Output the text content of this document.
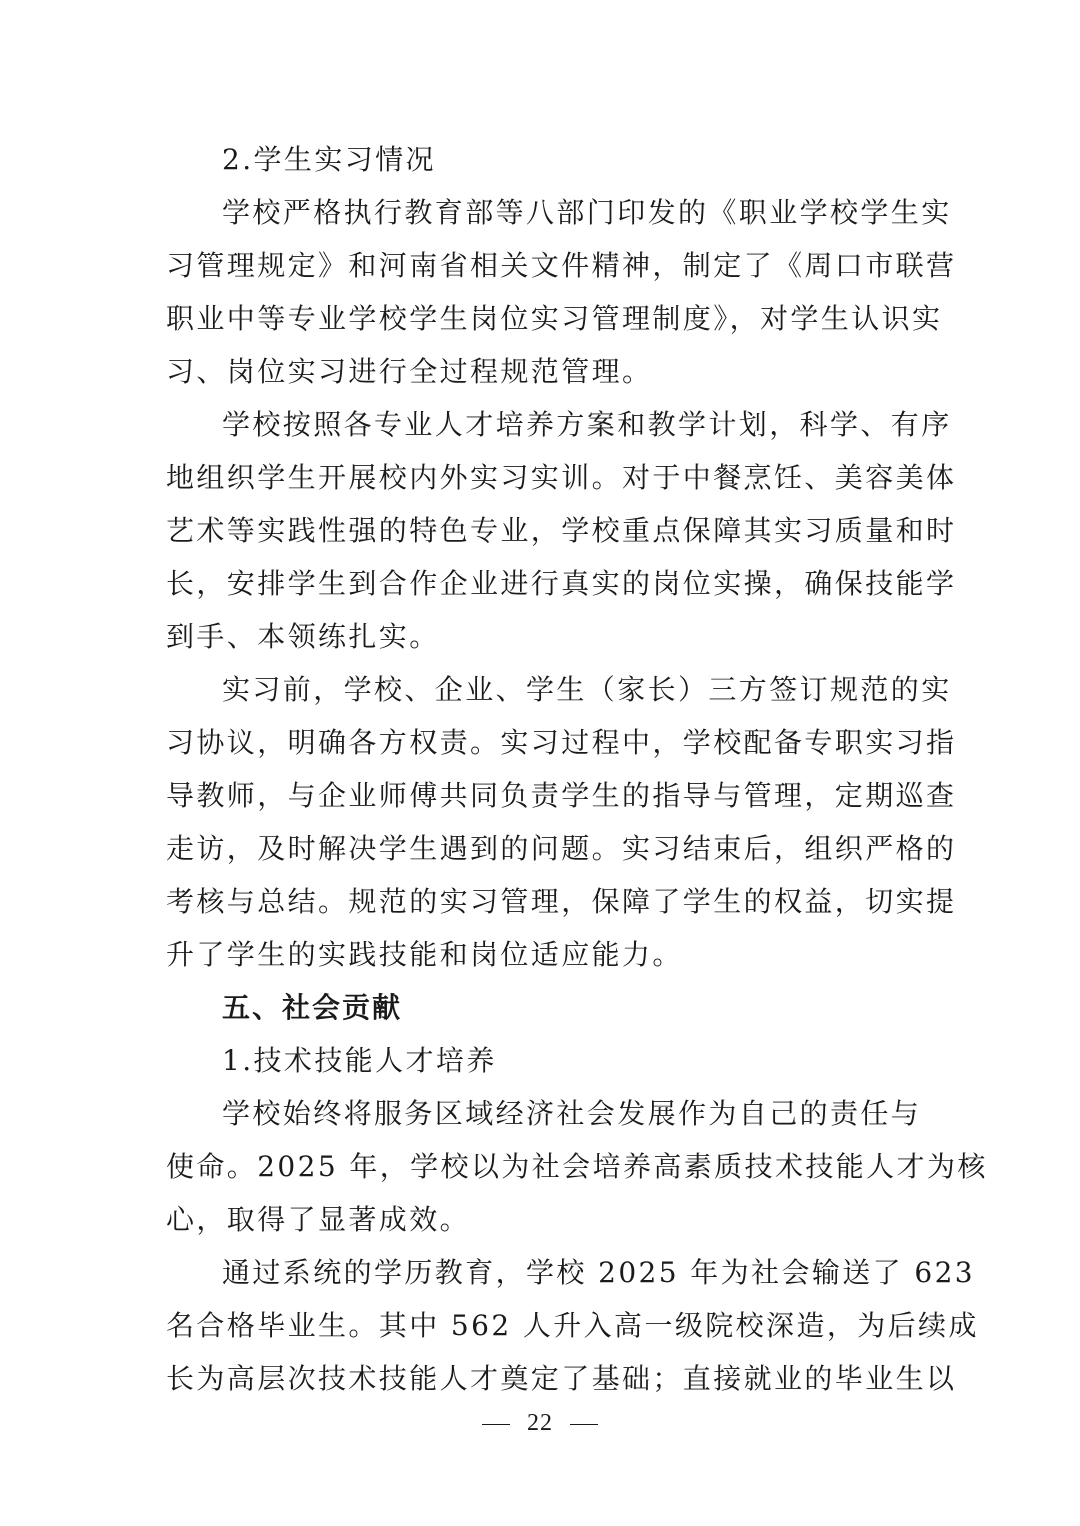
2.学生实习情况
学校严格执行教育部等八部门印发的《职业学校学生实
习管理规定》和河南省相关文件精神，制定了《周口市联营
职业中等专业学校学生岗位实习管理制度》，对学生认识实
习、岗位实习进行全过程规范管理。
学校按照各专业人才培养方案和教学计划，科学、有序
地组织学生开展校内外实习实训。对于中餐烹饪、美容美体
艺术等实践性强的特色专业，学校重点保障其实习质量和时
长，安排学生到合作企业进行真实的岗位实操，确保技能学
到手、本领练扎实。
实习前，学校、企业、学生（家长）三方签订规范的实
习协议，明确各方权责。实习过程中，学校配备专职实习指
导教师，与企业师傅共同负责学生的指导与管理，定期巡查
走访，及时解决学生遇到的问题。实习结束后，组织严格的
考核与总结。规范的实习管理，保障了学生的权益，切实提
升了学生的实践技能和岗位适应能力。
五、社会贡献
1.技术技能人才培养
学校始终将服务区域经济社会发展作为自己的责任与
使命。2025 年，学校以为社会培养高素质技术技能人才为核
心，取得了显著成效。
通过系统的学历教育，学校 2025 年为社会输送了 623
名合格毕业生。其中 562 人升入高一级院校深造，为后续成
长为高层次技术技能人才奠定了基础；直接就业的毕业生以
22
